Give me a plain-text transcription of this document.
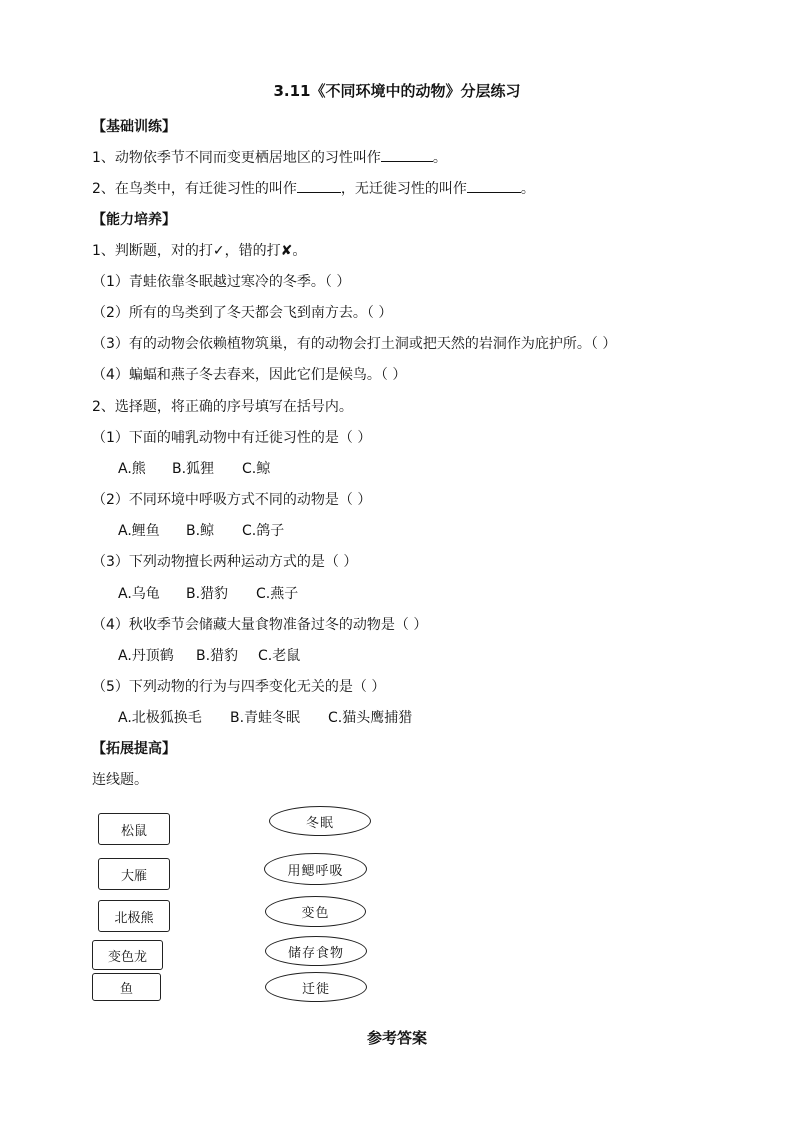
3.11《不同环境中的动物》分层练习
【基础训练】
1、动物依季节不同而变更栖居地区的习性叫作	。
2、在鸟类中，有迁徙习性的叫作	，无迁徙习性的叫作	。
【能力培养】
1、判断题，对的打✓，错的打✘。
（1）青蛙依靠冬眠越过寒冷的冬季。（ ）
（2）所有的鸟类到了冬天都会飞到南方去。（ ）
（3）有的动物会依赖植物筑巢，有的动物会打土洞或把天然的岩洞作为庇护所。（ ）
（4）蝙蝠和燕子冬去春来，因此它们是候鸟。（ ）
2、选择题，将正确的序号填写在括号内。
（1）下面的哺乳动物中有迁徙习性的是（ ）
A.熊 B.狐狸 C.鲸
（2）不同环境中呼吸方式不同的动物是（ ）
A.鲤鱼 B.鲸 C.鸽子
（3）下列动物擅长两种运动方式的是（ ）
A.乌龟 B.猎豹 C.燕子
（4）秋收季节会储藏大量食物准备过冬的动物是（ ）
A.丹顶鹤 B.猎豹 C.老鼠
（5）下列动物的行为与四季变化无关的是（ ）
A.北极狐换毛 B.青蛙冬眠 C.猫头鹰捕猎
【拓展提高】
连线题。
松鼠
大雁
北极熊
变色龙
鱼
冬眠
用鳃呼吸
变色
储存食物
迁徙
参考答案
